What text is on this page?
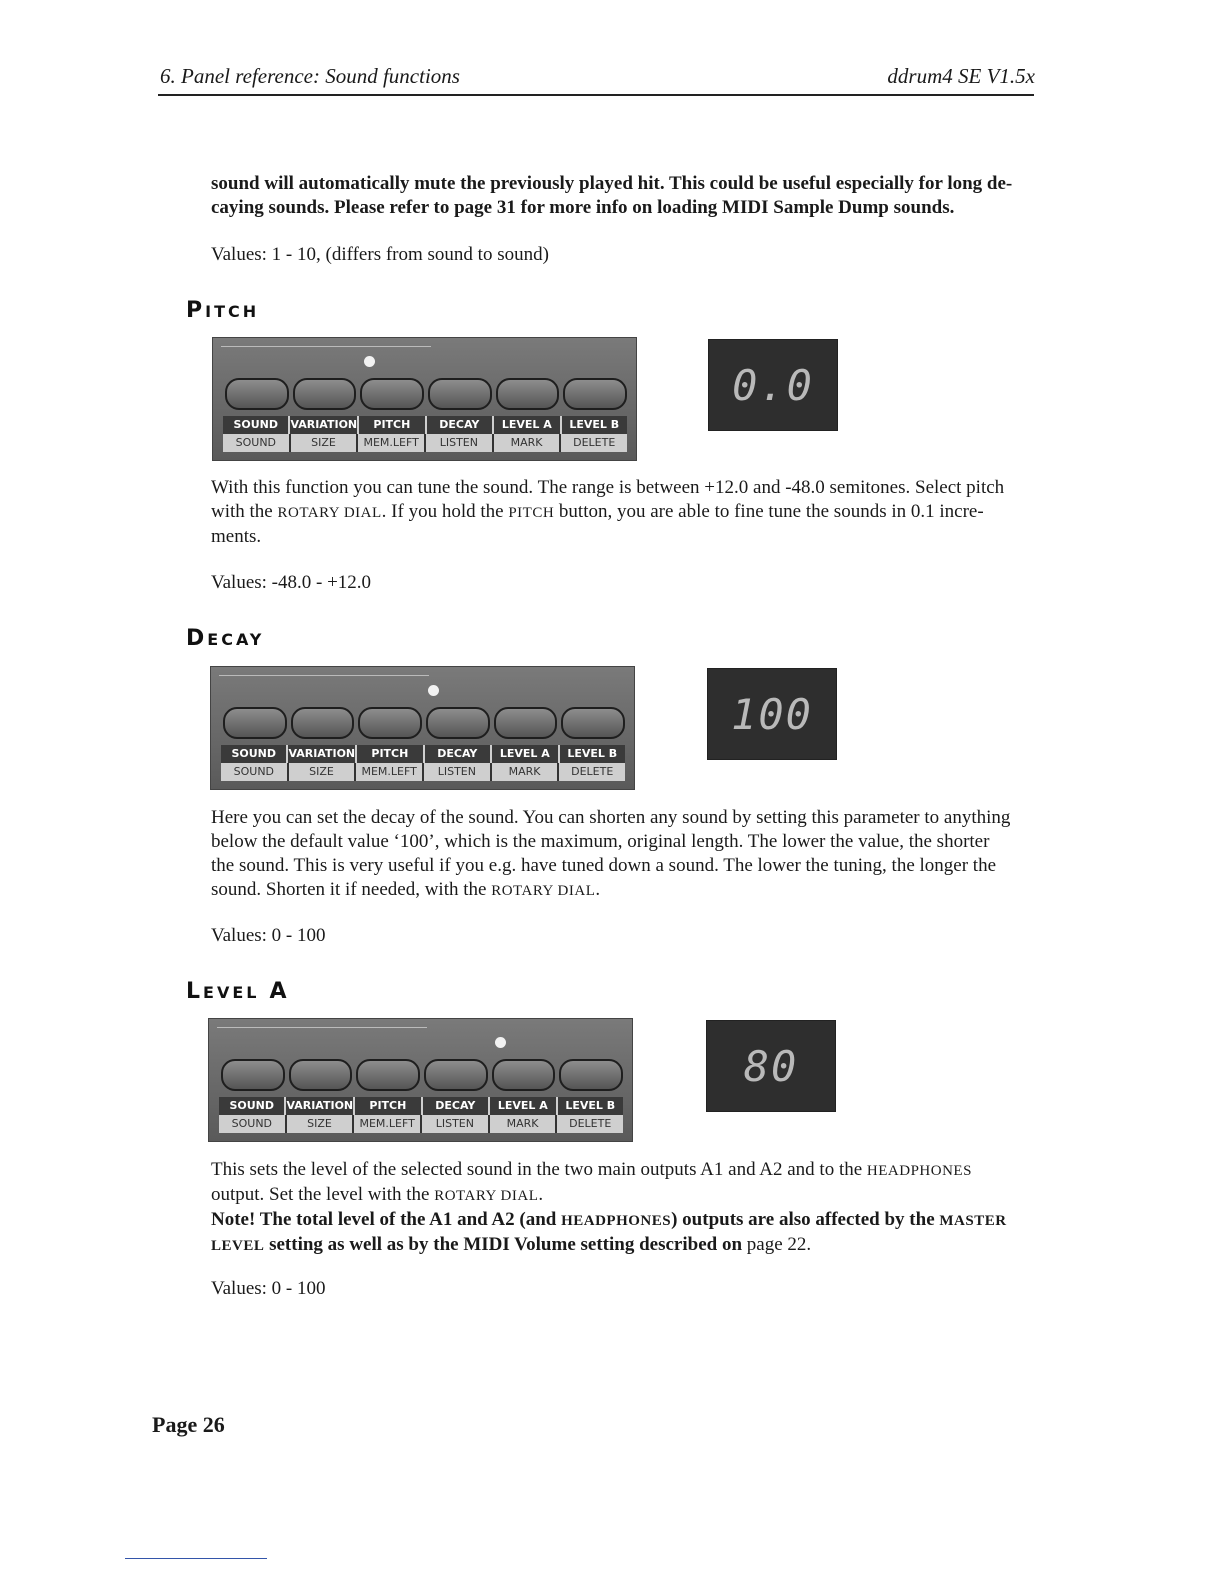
6. Panel reference: Sound functions	ddrum4 SE V1.5x
sound will automatically mute the previously played hit. This could be useful especially for long de-
caying sounds. Please refer to page 31 for more info on loading MIDI Sample Dump sounds.
Values: 1 - 10, (differs from sound to sound)
PITCH
SOUND	VARIATION	PITCH	DECAY	LEVEL A	LEVEL B
SOUND	SIZE	MEM.LEFT	LISTEN	MARK	DELETE
0.0
With this function you can tune the sound. The range is between +12.0 and -48.0 semitones. Select pitch
with the ROTARY DIAL. If you hold the PITCH button, you are able to fine tune the sounds in 0.1 incre-
ments.
Values: -48.0 - +12.0
DECAY
SOUND	VARIATION	PITCH	DECAY	LEVEL A	LEVEL B
SOUND	SIZE	MEM.LEFT	LISTEN	MARK	DELETE
100
Here you can set the decay of the sound. You can shorten any sound by setting this parameter to anything
below the default value ‘100’, which is the maximum, original length. The lower the value, the shorter
the sound. This is very useful if you e.g. have tuned down a sound. The lower the tuning, the longer the
sound. Shorten it if needed, with the ROTARY DIAL.
Values: 0 - 100
LEVEL A
SOUND	VARIATION	PITCH	DECAY	LEVEL A	LEVEL B
SOUND	SIZE	MEM.LEFT	LISTEN	MARK	DELETE
80
This sets the level of the selected sound in the two main outputs A1 and A2 and to the HEADPHONES
output. Set the level with the ROTARY DIAL.
Note! The total level of the A1 and A2 (and HEADPHONES) outputs are also affected by the MASTER
LEVEL setting as well as by the MIDI Volume setting described on page 22.
Values: 0 - 100
Page 26
